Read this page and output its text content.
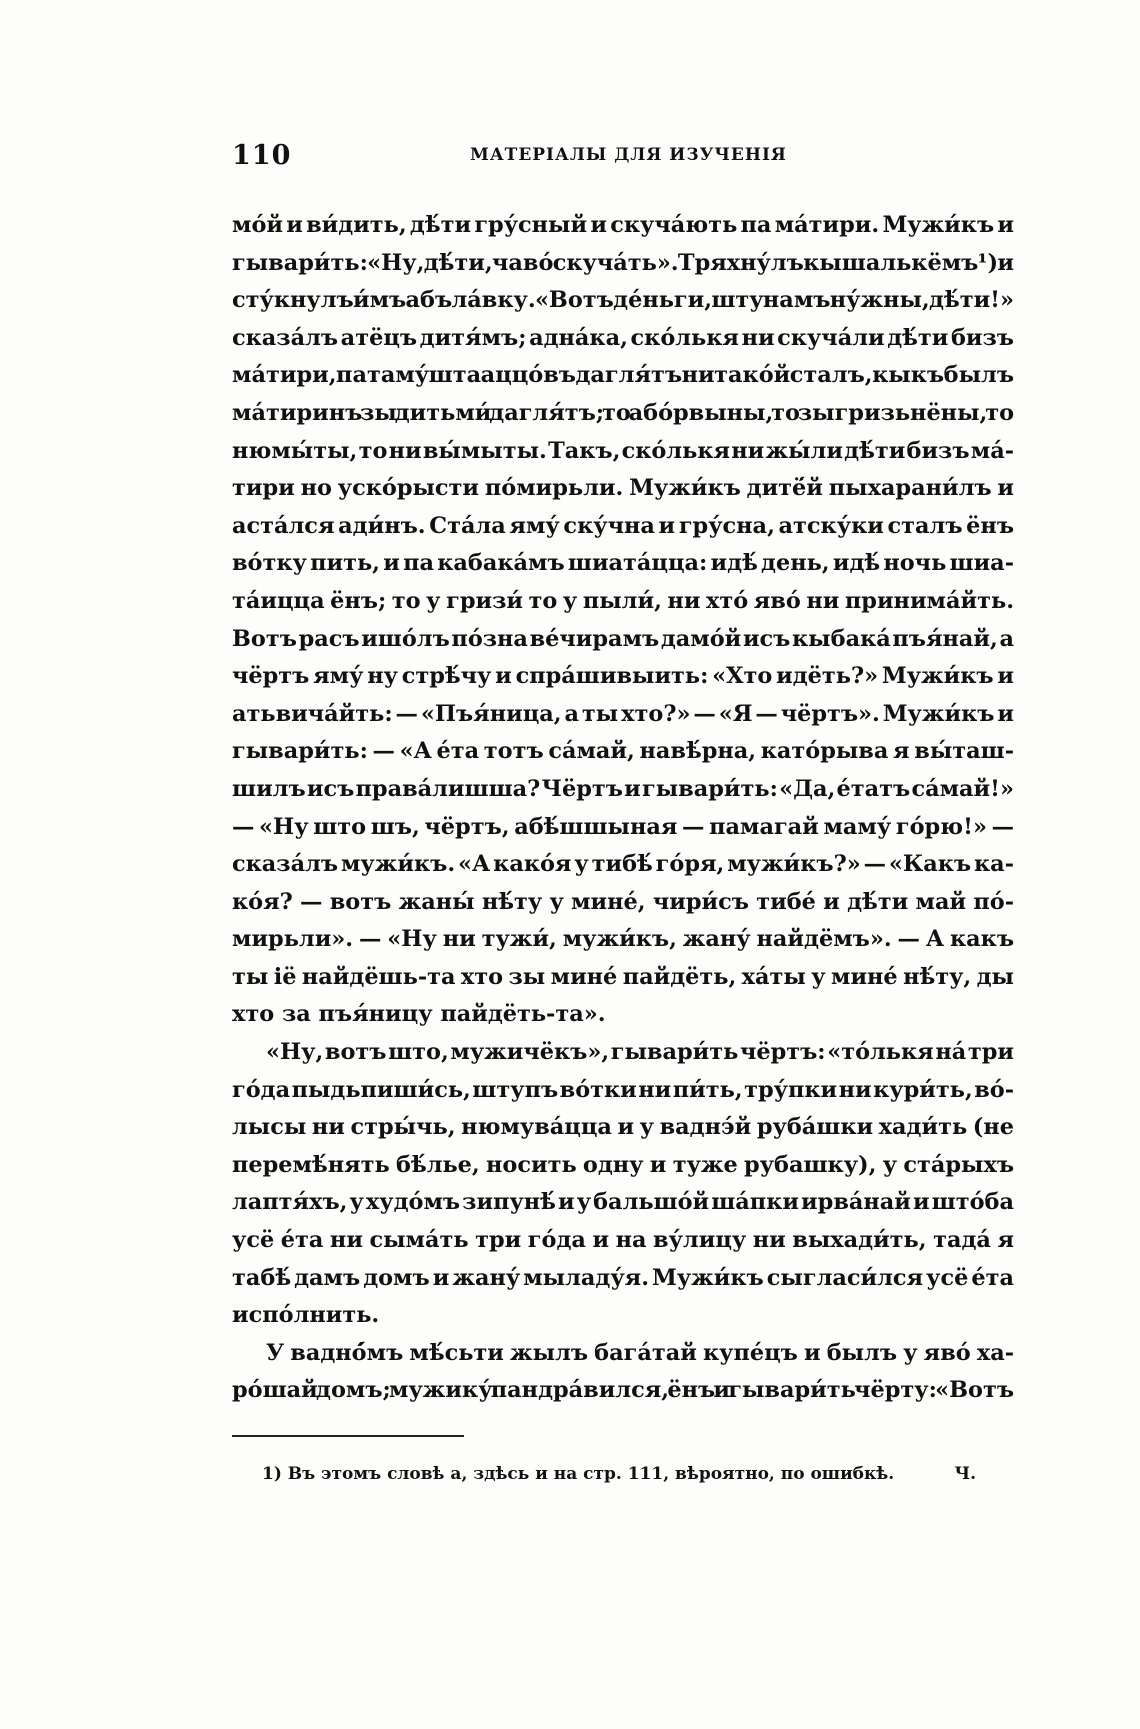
110	МАТЕРІАЛЫ ДЛЯ ИЗУЧЕНІЯ
мо́й и ви́дить, дѣ́ти гру́сный и скуча́ють па ма́тири. Мужи́къ и
гывари́ть: «Ну, дѣ́ти, чаво́ скуча́ть». Тряхну́лъ кышалькёмъ ¹) и
сту́кнулъ и́мъ абъ ла́вку. «Вотъ де́ньги, шту намъ ну́жны, дѣ́ти!»
сказа́лъ атёцъ дитя́мъ; адна́ка, ско́лькя ни скуча́ли дѣ́ти бизъ
ма́тири, патаму́ шта аццо́въ дагля́тъ ни тако́й сталъ, кыкъ былъ
ма́тиринъ зы дитьми́ дагля́тъ; то або́рвыны, то зыгризьнёны, то
нюмы́ты, то ни вы́мыты. Такъ, ско́лькя ни жы́ли дѣ́ти бизъ ма́-
тири но уско́рысти по́мирьли. Мужи́къ дитё́й пыхарани́лъ и
аста́лся ади́нъ. Ста́ла яму́ ску́чна и гру́сна, атску́ки сталъ ёнъ
во́тку пить, и па кабака́мъ шиата́цца: идѣ́ день, идѣ́ ночь шиа-
та́ицца ёнъ; то у гризи́ то у пыли́, ни хто́ яво́ ни принима́йть.
Вотъ расъ ишо́лъ по́зна ве́чирамъ дамо́й исъ кыбака́ пъя́най, а
чёртъ яму́ ну стрѣ́чу и спра́шивыить: «Хто идёть?» Мужи́къ и
атьвича́йть: — «Пъя́ница, а ты хто?» — «Я — чёртъ». Мужи́къ и
гывари́ть: — «А е́та тотъ са́май, навѣ́рна, като́рыва я вы́таш-
шилъ исъ права́лишша? Чёртъ и гывари́ть: «Да, е́татъ са́май!»
— «Ну што шъ, чёртъ, абѣ́шшыная — памагай маму́ го́рю!» —
сказа́лъ мужи́къ. «А како́я у тибѣ́ го́ря, мужи́къ?» — «Какъ ка-
ко́я? — вотъ жаны́ нѣ́ту у мине́, чири́съ тибе́ и дѣ́ти май по́-
мирьли». — «Ну ни тужи́, мужи́къ, жану́ найдёмъ». — А какъ
ты іё найдёшь-та хто зы мине́ пайдёть, ха́ты у мине́ нѣ́ту, ды
хто за пъя́ницу пайдёть-та».
«Ну, вотъ што, мужичёкъ», гывари́ть чёртъ: «то́лькя на́ три
го́да пыдьпиши́сь, штупъ во́тки ни пи́ть, тру́пки ни кури́ть, во́-
лысы ни стры́чь, нюмува́цца и у ваднэ́й руба́шки хади́ть (не
перемѣ́нять бѣ́лье, носить одну и туже рубашку), у ста́рыхъ
лаптя́хъ, у худо́мъ зипунѣ́ и у бальшо́й ша́пки ирва́най и што́ба
усё е́та ни сыма́ть три го́да и на ву́лицу ни выхади́ть, тада́ я
табѣ́ дамъ домъ и жану́ мыладу́я. Мужи́къ сыгласи́лся усё е́та
испо́лнить.
У ваднó́мъ мѣ́сьти жылъ бага́тай купе́цъ и былъ у яво́ ха-
ро́шай домъ; мужику́ пандра́вился, ёнъ и гывари́ть чёрту: «Вотъ
1) Въ этомъ словѣ а, здѣсь и на стр. 111, вѣроятно, по ошибкѣ.	Ч.
